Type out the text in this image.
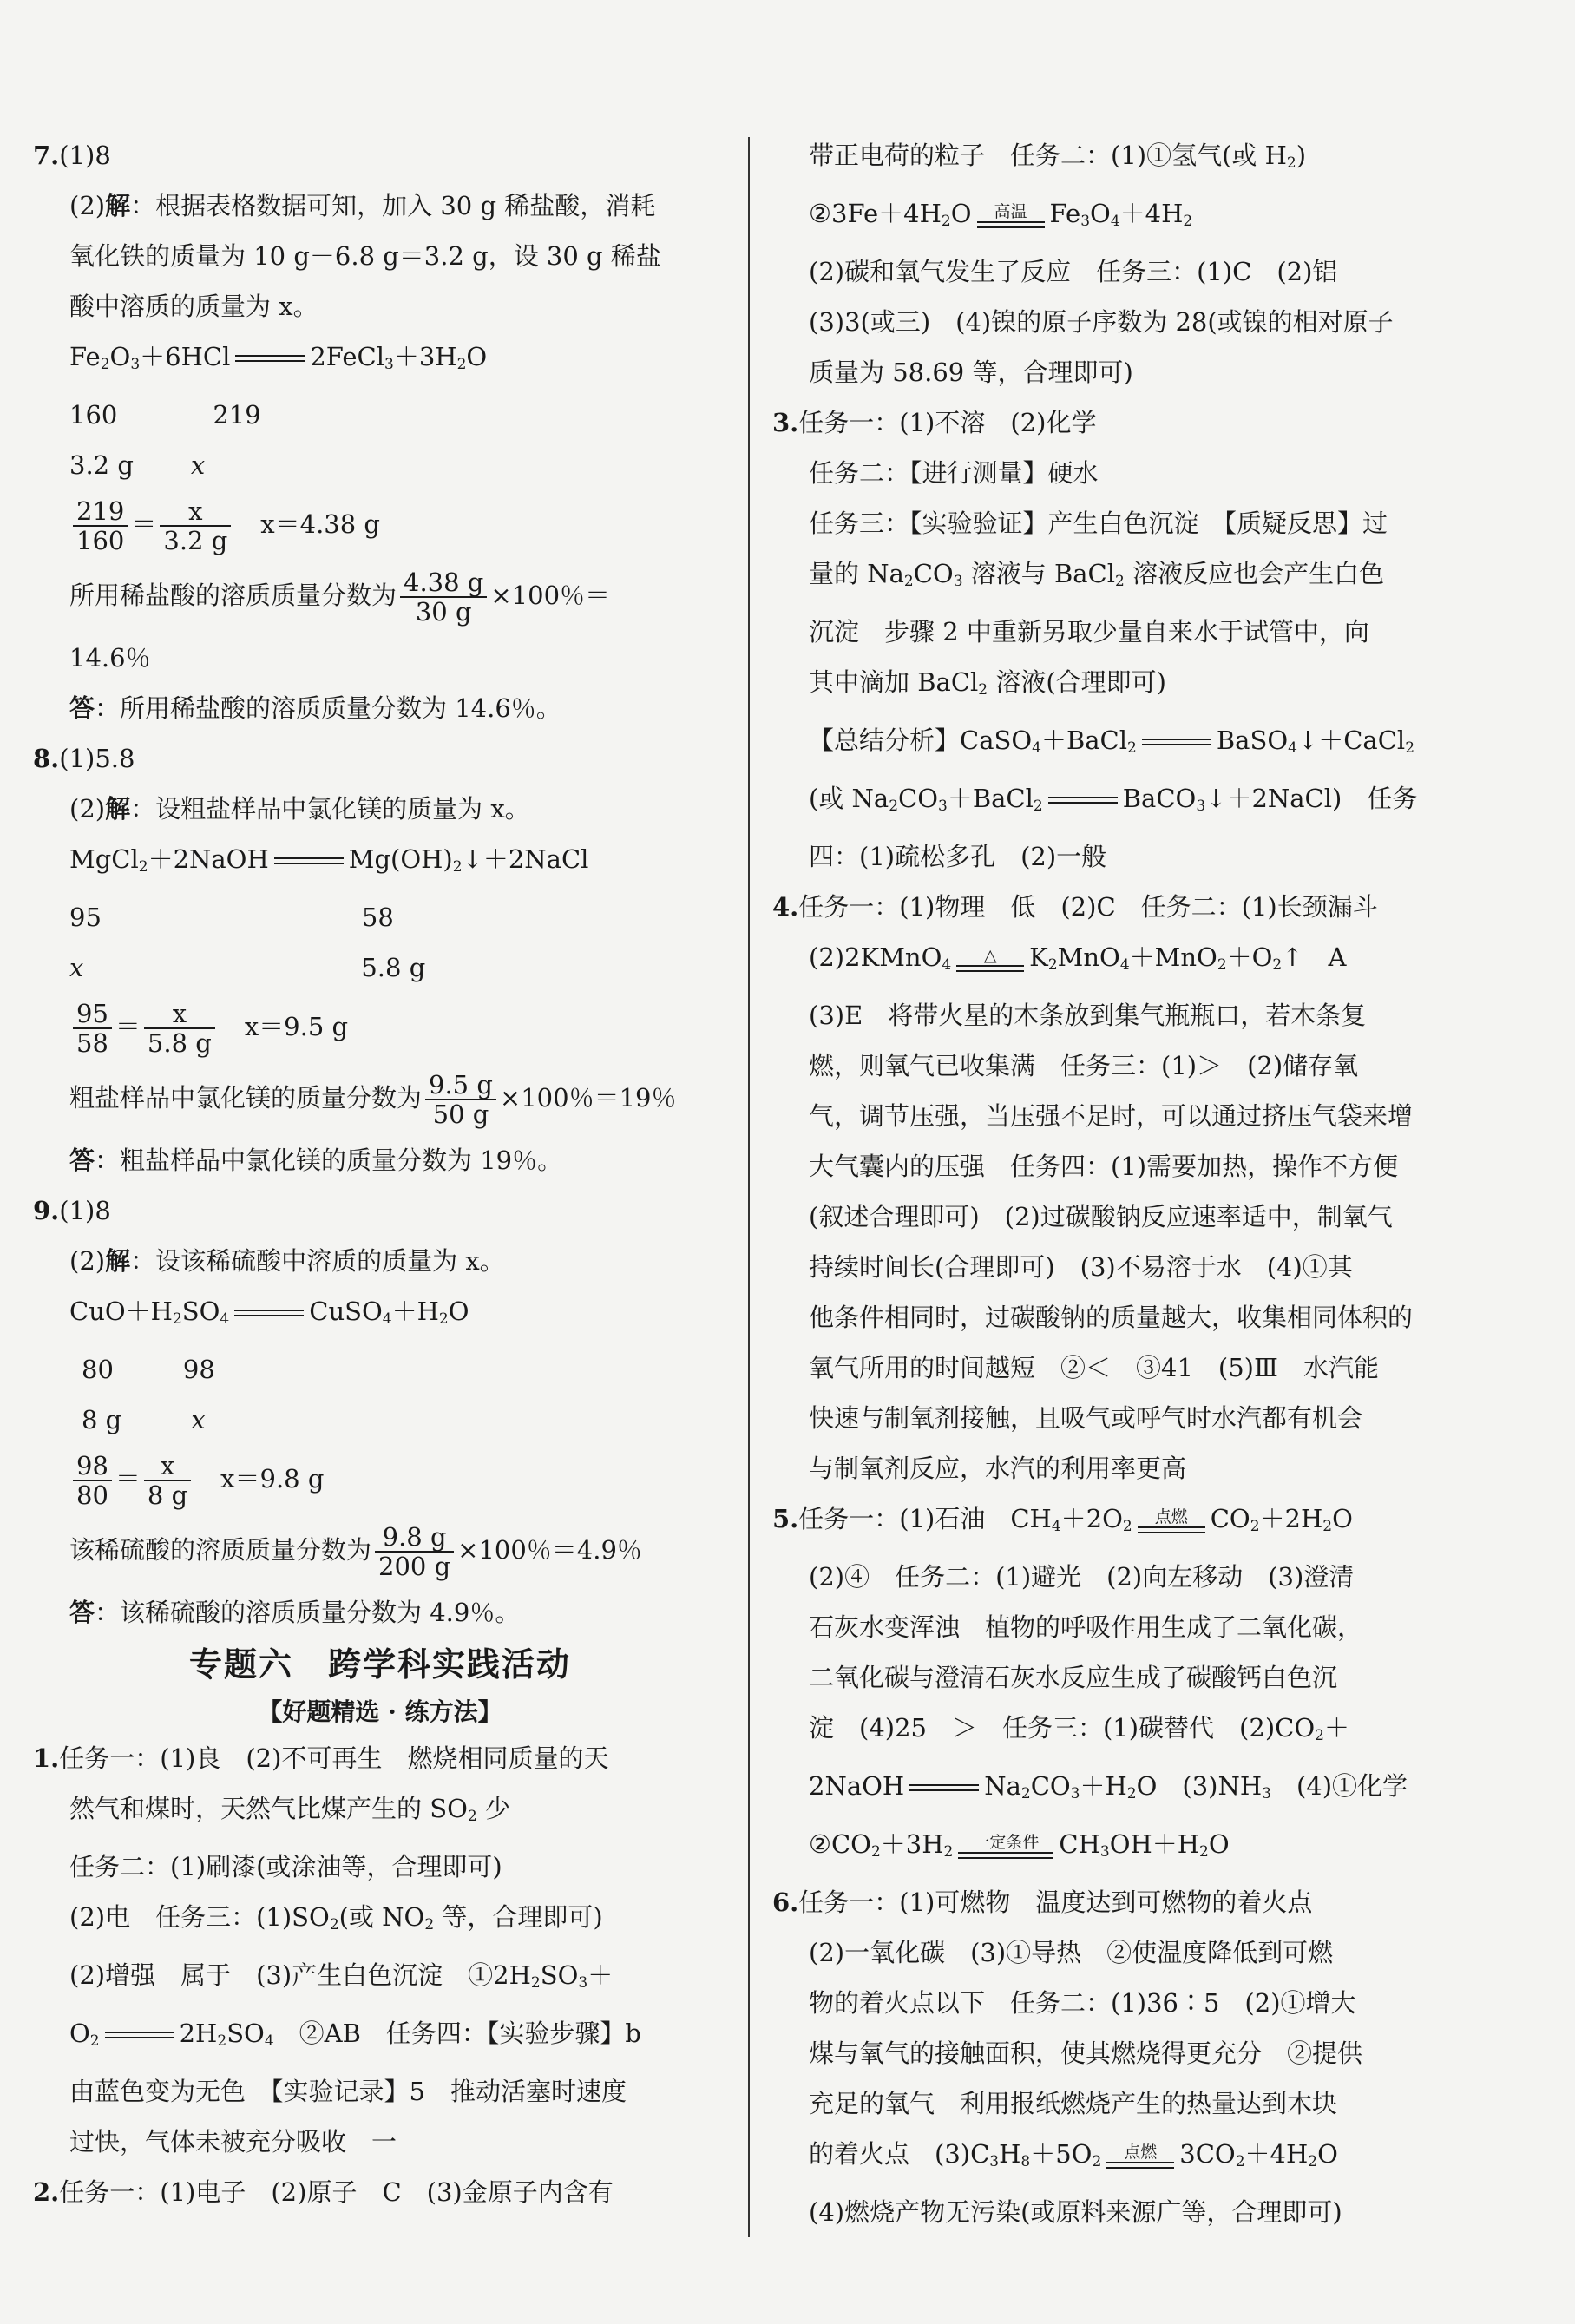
7.(1)8
(2)解：根据表格数据可知，加入 30 g 稀盐酸，消耗
氧化铁的质量为 10 g－6.8 g＝3.2 g，设 30 g 稀盐
酸中溶质的质量为 x。
$Fe_2O_3+6HCl$	$2FeCl_3+3H_2O$
160	219
3.2 g x
$\frac{219}{160} = \frac{x}{3.2 g} x=4.38$ g
所用稀盐酸的溶质质量分数为 $\frac{4.38 g}{30 g} \times 100$％＝
14.6％
答：所用稀盐酸的溶质质量分数为 14.6％。
8.(1)5.8
(2)解：设粗盐样品中氯化镁的质量为 x。
MgCl$_2$＋2NaOH	$Mg(OH)_2↓+2NaCl$
95	58
x	5.8 g
$\frac{95}{58} = \frac{x}{5.8 g} x=9.5$ g
粗盐样品中氯化镁的质量分数为 $\frac{9.5 g}{50 g} \times 100$％＝19％
答：粗盐样品中氯化镁的质量分数为 19％。
9.(1)8
(2)解：设该稀硫酸中溶质的质量为 x。
$CuO+H_2SO_4$	$CuSO_4+H_2O$
80	98
8 g	x
$\frac{98}{80} = \frac{x}{8 g} x=9.8$ g
该稀硫酸的溶质质量分数为 $\frac{9.8 g}{200 g} \times 100$％＝4.9％
答：该稀硫酸的溶质质量分数为 4.9％。
专题六　跨学科实践活动
【好题精选 · 练方法】
1.任务一：(1)良　(2)不可再生　燃烧相同质量的天
然气和煤时，天然气比煤产生的 $SO_2$ 少
任务二：(1)刷漆(或涂油等，合理即可)
(2)电　任务三：$(1)SO_2$(或 $NO_2$ 等，合理即可)
(2)增强　属于　(3)产生白色沉淀　$①2H_2SO_3+$
$O_2$	$2H_2SO_4$　②AB　任务四：【实验步骤】b
由蓝色变为无色　【实验记录】5　推动活塞时速度
过快，气体未被充分吸收　一
2.任务一：(1)电子　(2)原子　C　(3)金原子内含有
带正电荷的粒子　任务二：(1)①氢气(或 $H_2$)
$②3Fe+4H_2O$ 高温 $Fe_3O_4+4H_2$
(2)碳和氧气发生了反应　任务三：(1)C　(2)铝
(3)3(或三)　(4)镍的原子序数为 28(或镍的相对原子
质量为 58.69 等，合理即可)
3.任务一：(1)不溶　(2)化学
任务二：【进行测量】硬水
任务三：【实验验证】产生白色沉淀　【质疑反思】过
量的 $Na_2CO_3$ 溶液与 BaCl$_2$ 溶液反应也会产生白色
沉淀　步骤 2 中重新另取少量自来水于试管中，向
其中滴加 BaCl$_2$ 溶液(合理即可)
【总结分析】CaSO$_4$＋BaCl$_2$	BaSO$_4$↓＋CaCl$_2$
(或 $Na_2CO_3+BaCl_2$	BaCO$_3$↓＋2NaCl)　任务
四：(1)疏松多孔　(2)一般
4.任务一：(1)物理　低　(2)C　任务二：(1)长颈漏斗
(2)2KMnO$_4$ △ $K_2MnO_4+MnO_2+O_2↑$　A
(3)E　将带火星的木条放到集气瓶瓶口，若木条复
燃，则氧气已收集满　任务三：(1)＞　(2)储存氧
气，调节压强，当压强不足时，可以通过挤压气袋来增
大气囊内的压强　任务四：(1)需要加热，操作不方便
(叙述合理即可)　(2)过碳酸钠反应速率适中，制氧气
持续时间长(合理即可)　(3)不易溶于水　(4)①其
他条件相同时，过碳酸钠的质量越大，收集相同体积的
氧气所用的时间越短　②＜　③41　(5)Ⅲ　水汽能
快速与制氧剂接触，且吸气或呼气时水汽都有机会
与制氧剂反应，水汽的利用率更高
5.任务一：(1)石油　$CH_4+2O_2$ 点燃 $CO_2+2H_2O$
(2)④　任务二：(1)避光　(2)向左移动　(3)澄清
石灰水变浑浊　植物的呼吸作用生成了二氧化碳，
二氧化碳与澄清石灰水反应生成了碳酸钙白色沉
淀　(4)25　＞　任务三：(1)碳替代　$(2)CO_2+$
2NaOH	$Na_2CO_3+H_2O$　$(3)NH_3$　(4)①化学
$②CO_2+3H_2$ 一定条件 $CH_3OH+H_2O$
6.任务一：(1)可燃物　温度达到可燃物的着火点
(2)一氧化碳　(3)①导热　②使温度降低到可燃
物的着火点以下　任务二：(1)36∶5　(2)①增大
煤与氧气的接触面积，使其燃烧得更充分　②提供
充足的氧气　利用报纸燃烧产生的热量达到木块
的着火点　$(3)C_3H_8+5O_2$ 点燃 $3CO_2+4H_2O$
(4)燃烧产物无污染(或原料来源广等，合理即可)
